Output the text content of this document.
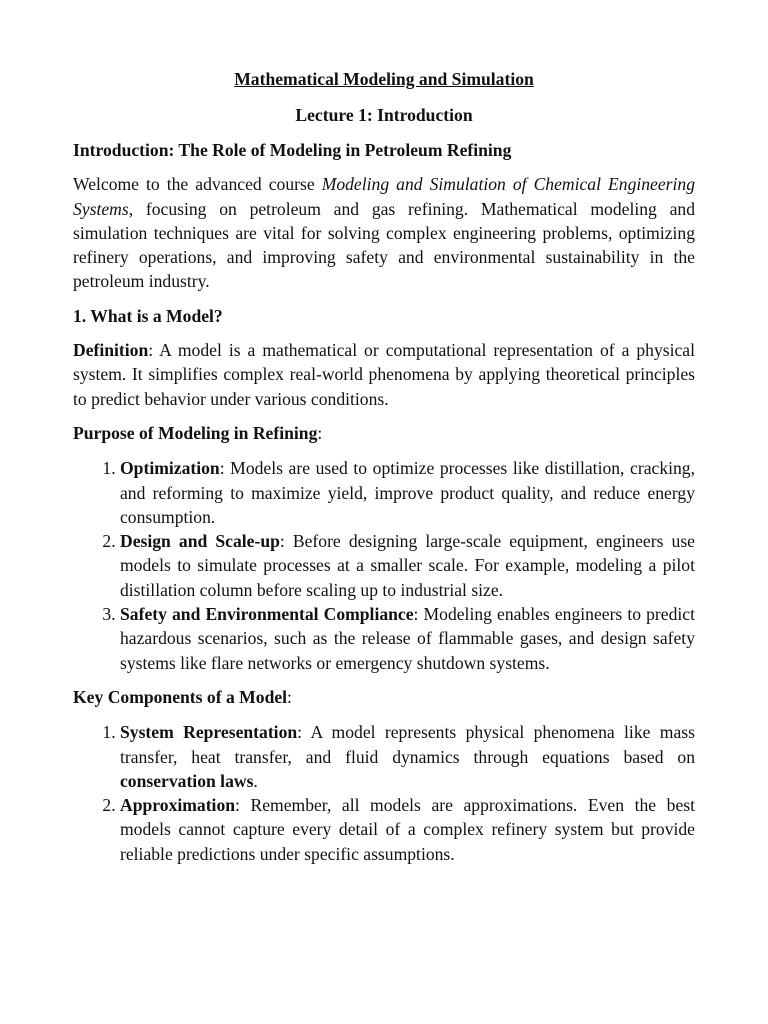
Mathematical Modeling and Simulation
Lecture 1: Introduction
Introduction: The Role of Modeling in Petroleum Refining

Welcome to the advanced course Modeling and Simulation of Chemical Engineering Systems, focusing on petroleum and gas refining. Mathematical modeling and simulation techniques are vital for solving complex engineering problems, optimizing refinery operations, and improving safety and environmental sustainability in the petroleum industry.

1. What is a Model?

Definition: A model is a mathematical or computational representation of a physical system. It simplifies complex real-world phenomena by applying theoretical principles to predict behavior under various conditions.

Purpose of Modeling in Refining:
1. Optimization: Models are used to optimize processes like distillation, cracking, and reforming to maximize yield, improve product quality, and reduce energy consumption.
2. Design and Scale-up: Before designing large-scale equipment, engineers use models to simulate processes at a smaller scale. For example, modeling a pilot distillation column before scaling up to industrial size.
3. Safety and Environmental Compliance: Modeling enables engineers to predict hazardous scenarios, such as the release of flammable gases, and design safety systems like flare networks or emergency shutdown systems.
Key Components of a Model:
1. System Representation: A model represents physical phenomena like mass transfer, heat transfer, and fluid dynamics through equations based on conservation laws.
2. Approximation: Remember, all models are approximations. Even the best models cannot capture every detail of a complex refinery system but provide reliable predictions under specific assumptions.
